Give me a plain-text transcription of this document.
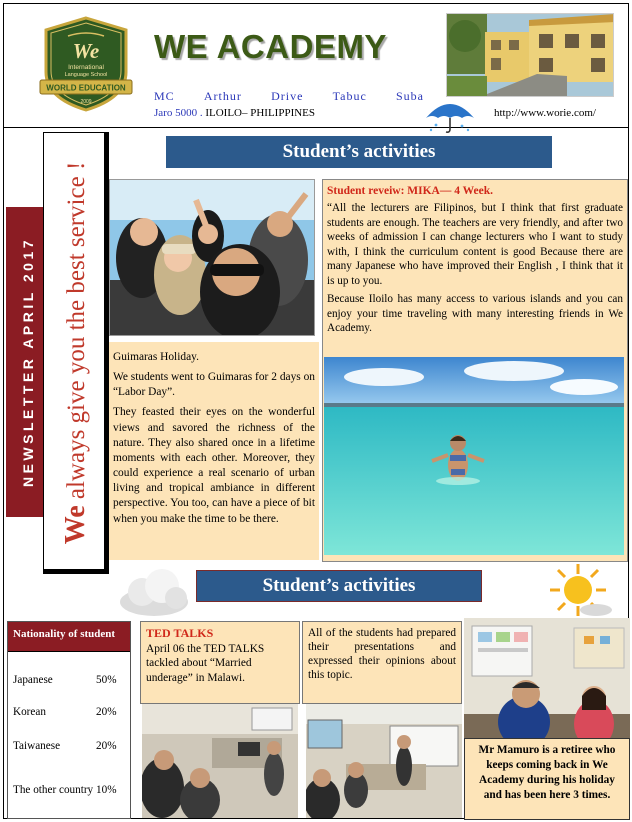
We
International
Language School
WORLD EDUCATION
2009
WE ACADEMY
MC Arthur Drive Tabuc Suba
Jaro 5000 . ILOILO– PHILIPPINES	http://www.worie.com/
NEWSLETTER APRIL 2017
We always give you the best service !
Student’s activities

Guimaras Holiday.

We students went to Guimaras for 2 days on “Labor Day”.

They feasted their eyes on the wonderful views and savored the richness of the nature. They also shared once in a lifetime moments with each other. Moreover, they could experience a real scenario of urban living and tropical ambiance in different perspective. You too, can have a piece of bit when you make the time to be there.

Student reveiw: MIKA— 4 Week.

“All the lecturers are Filipinos, but I think that first graduate students are enough. The teachers are very friendly, and after two weeks of admission I can change lecturers who I want to study with, I think the curriculum content is good Because there are many Japanese who have improved their English , I think that it is up to you.

Because Iloilo has many access to various islands and you can enjoy your time traveling with many interesting friends in We Academy.

Student’s activities
Nationality of student
Japanese	50%
Korean	20%
Taiwanese	20%
The other country 10%
TED TALKS
April 06 the TED TALKS tackled about “Married underage” in Malawi.
All of the students had prepared their presentations and expressed their opinions about this topic.
Mr Mamuro is a retiree who keeps coming back in We Academy during his holiday and has been here 3 times.
